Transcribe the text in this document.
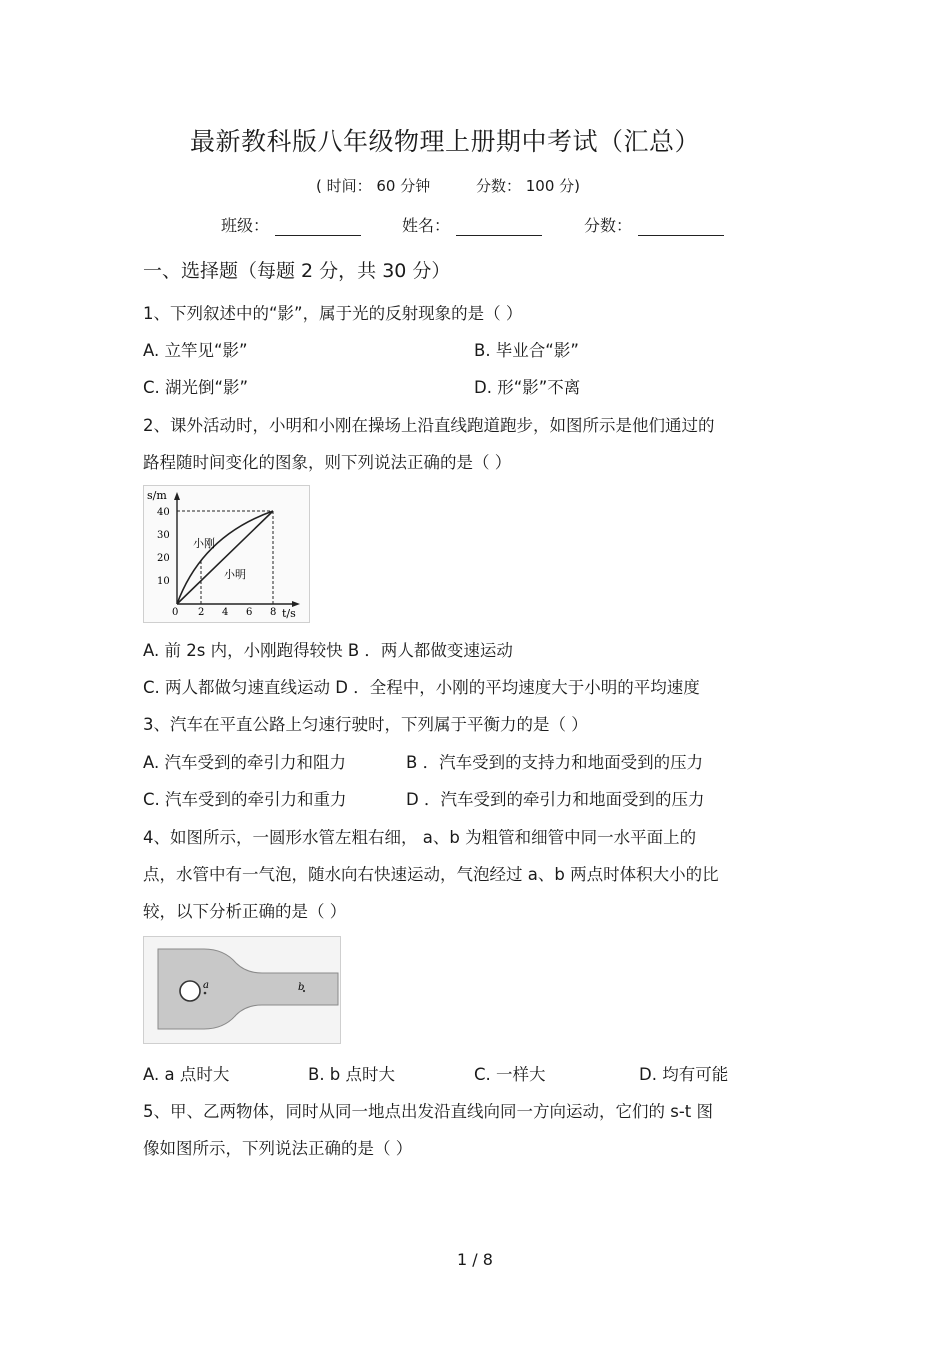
最新教科版八年级物理上册期中考试（汇总）
( 时间： 60 分钟	分数： 100 分)
班级：	姓名：	分数：
一、选择题（每题 2 分，共 30 分）
1、下列叙述中的“影”，属于光的反射现象的是（ ）
A. 立竿见“影”	B. 毕业合“影”
C. 湖光倒“影”	D. 形“影”不离
2、课外活动时，小明和小刚在操场上沿直线跑道跑步，如图所示是他们通过的
路程随时间变化的图象，则下列说法正确的是（ ）
s/m
t/s
40
30
20
10
0 2 4 6 8
小刚
小明
A. 前 2s 内，小刚跑得较快 B ．两人都做变速运动
C. 两人都做匀速直线运动 D ．全程中，小刚的平均速度大于小明的平均速度
3、汽车在平直公路上匀速行驶时，下列属于平衡力的是（ ）
A. 汽车受到的牵引力和阻力	B ．汽车受到的支持力和地面受到的压力
C. 汽车受到的牵引力和重力	D ．汽车受到的牵引力和地面受到的压力
4、如图所示，一圆形水管左粗右细， a、b 为粗管和细管中同一水平面上的
点，水管中有一气泡，随水向右快速运动，气泡经过 a、b 两点时体积大小的比
较，以下分析正确的是（ ）
a	b
A. a 点时大	B. b 点时大	C. 一样大	D. 均有可能
5、甲、乙两物体，同时从同一地点出发沿直线向同一方向运动，它们的 s-t 图
像如图所示，下列说法正确的是（ ）
1 / 8
